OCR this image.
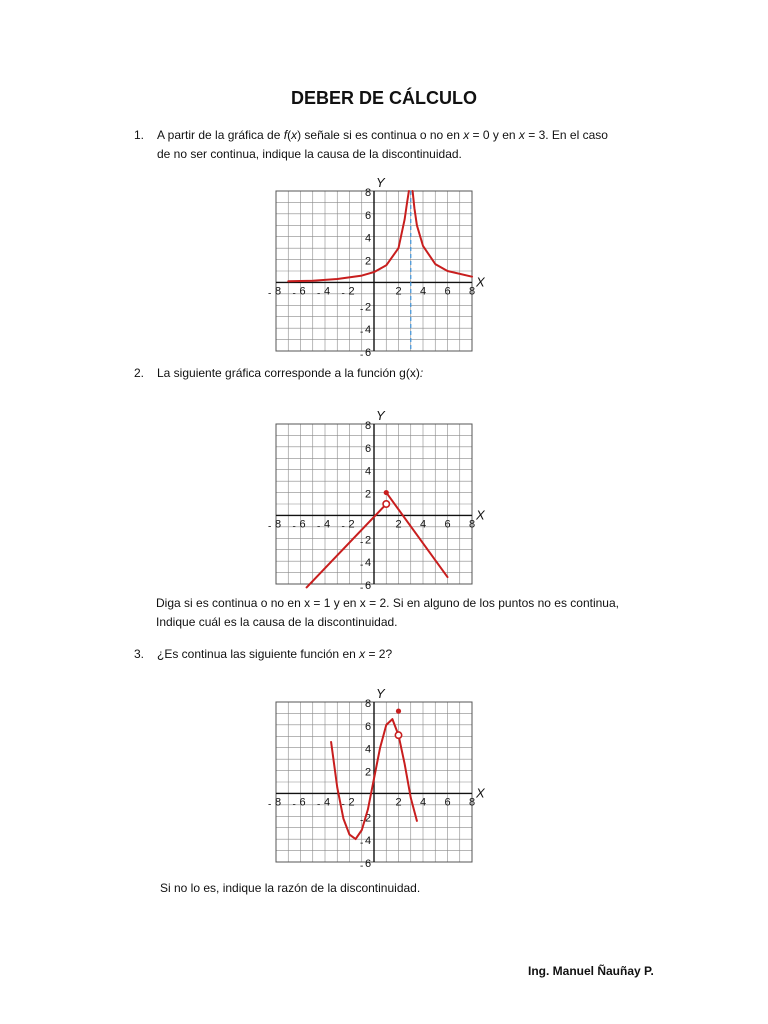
DEBER DE CÁLCULO
1. A partir de la gráfica de f(x) señale si es continua o no en x = 0 y en x = 3. En el caso
de no ser continua, indique la causa de la discontinuidad.
X
Y
8
-	6
-	4
-	2
-	2 4 6 8
8
6
4
2
2
-
4
-
6
-
2. La siguiente gráfica corresponde a la función g(x):
X
Y
8
-	6
-	4
-	2
-	2 4 6 8
8
6
4
2
2
-
4
-
6
-
Diga si es continua o no en x = 1 y en x = 2. Si en alguno de los puntos no es continua,
Indique cuál es la causa de la discontinuidad.
3. ¿Es continua las siguiente función en x = 2?
X
Y
8
-	6
-	4
-	2
-	2 4 6 8
8
6
4
2
2
-
4
-
6
-
Si no lo es, indique la razón de la discontinuidad.
Ing. Manuel Ñauñay P.
